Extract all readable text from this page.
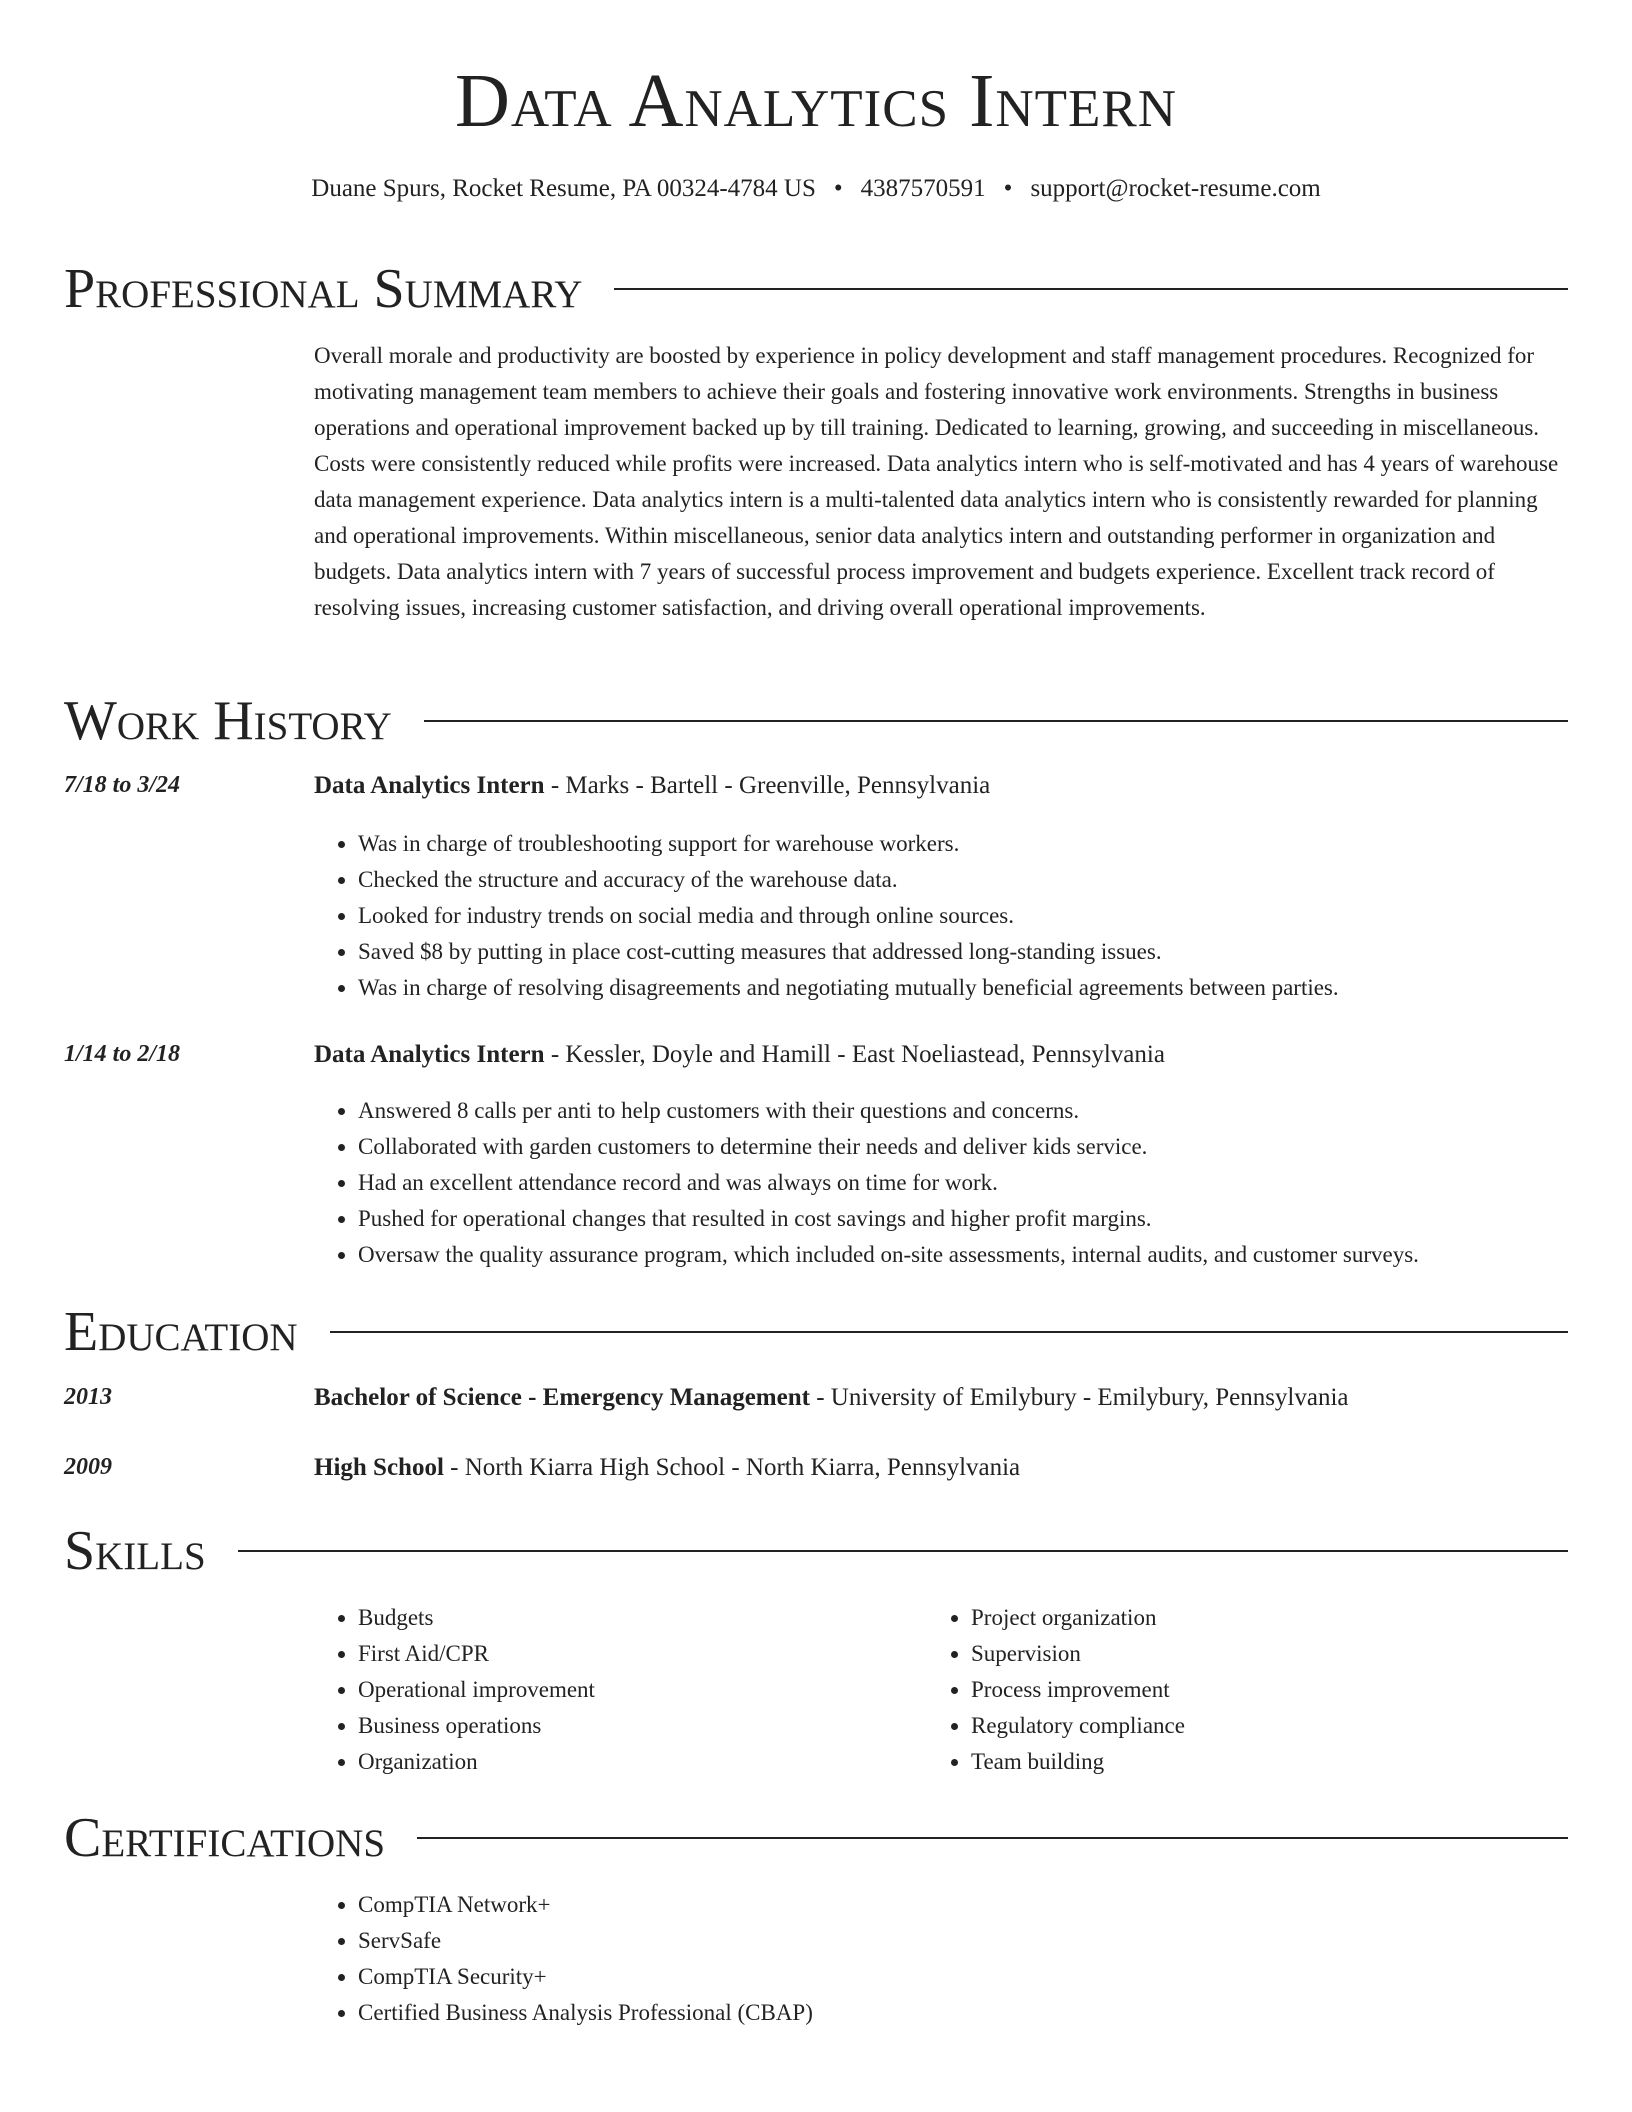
Data Analytics Intern
Duane Spurs, Rocket Resume, PA 00324-4784 US • 4387570591 • support@rocket-resume.com
Professional Summary

Overall morale and productivity are boosted by experience in policy development and staff management procedures. Recognized for motivating management team members to achieve their goals and fostering innovative work environments. Strengths in business operations and operational improvement backed up by till training. Dedicated to learning, growing, and succeeding in miscellaneous. Costs were consistently reduced while profits were increased. Data analytics intern who is self-motivated and has 4 years of warehouse data management experience. Data analytics intern is a multi-talented data analytics intern who is consistently rewarded for planning and operational improvements. Within miscellaneous, senior data analytics intern and outstanding performer in organization and budgets. Data analytics intern with 7 years of successful process improvement and budgets experience. Excellent track record of resolving issues, increasing customer satisfaction, and driving overall operational improvements.

Work History
7/18 to 3/24	Data Analytics Intern - Marks - Bartell - Greenville, Pennsylvania
• Was in charge of troubleshooting support for warehouse workers.
• Checked the structure and accuracy of the warehouse data.
• Looked for industry trends on social media and through online sources.
• Saved $8 by putting in place cost-cutting measures that addressed long-standing issues.
• Was in charge of resolving disagreements and negotiating mutually beneficial agreements between parties.
1/14 to 2/18	Data Analytics Intern - Kessler, Doyle and Hamill - East Noeliastead, Pennsylvania
• Answered 8 calls per anti to help customers with their questions and concerns.
• Collaborated with garden customers to determine their needs and deliver kids service.
• Had an excellent attendance record and was always on time for work.
• Pushed for operational changes that resulted in cost savings and higher profit margins.
• Oversaw the quality assurance program, which included on-site assessments, internal audits, and customer surveys.
Education
2013	Bachelor of Science - Emergency Management - University of Emilybury - Emilybury, Pennsylvania
2009	High School - North Kiarra High School - North Kiarra, Pennsylvania
Skills
• Budgets
• First Aid/CPR
• Operational improvement
• Business operations
• Organization
• Project organization
• Supervision
• Process improvement
• Regulatory compliance
• Team building
Certifications
• CompTIA Network+
• ServSafe
• CompTIA Security+
• Certified Business Analysis Professional (CBAP)
